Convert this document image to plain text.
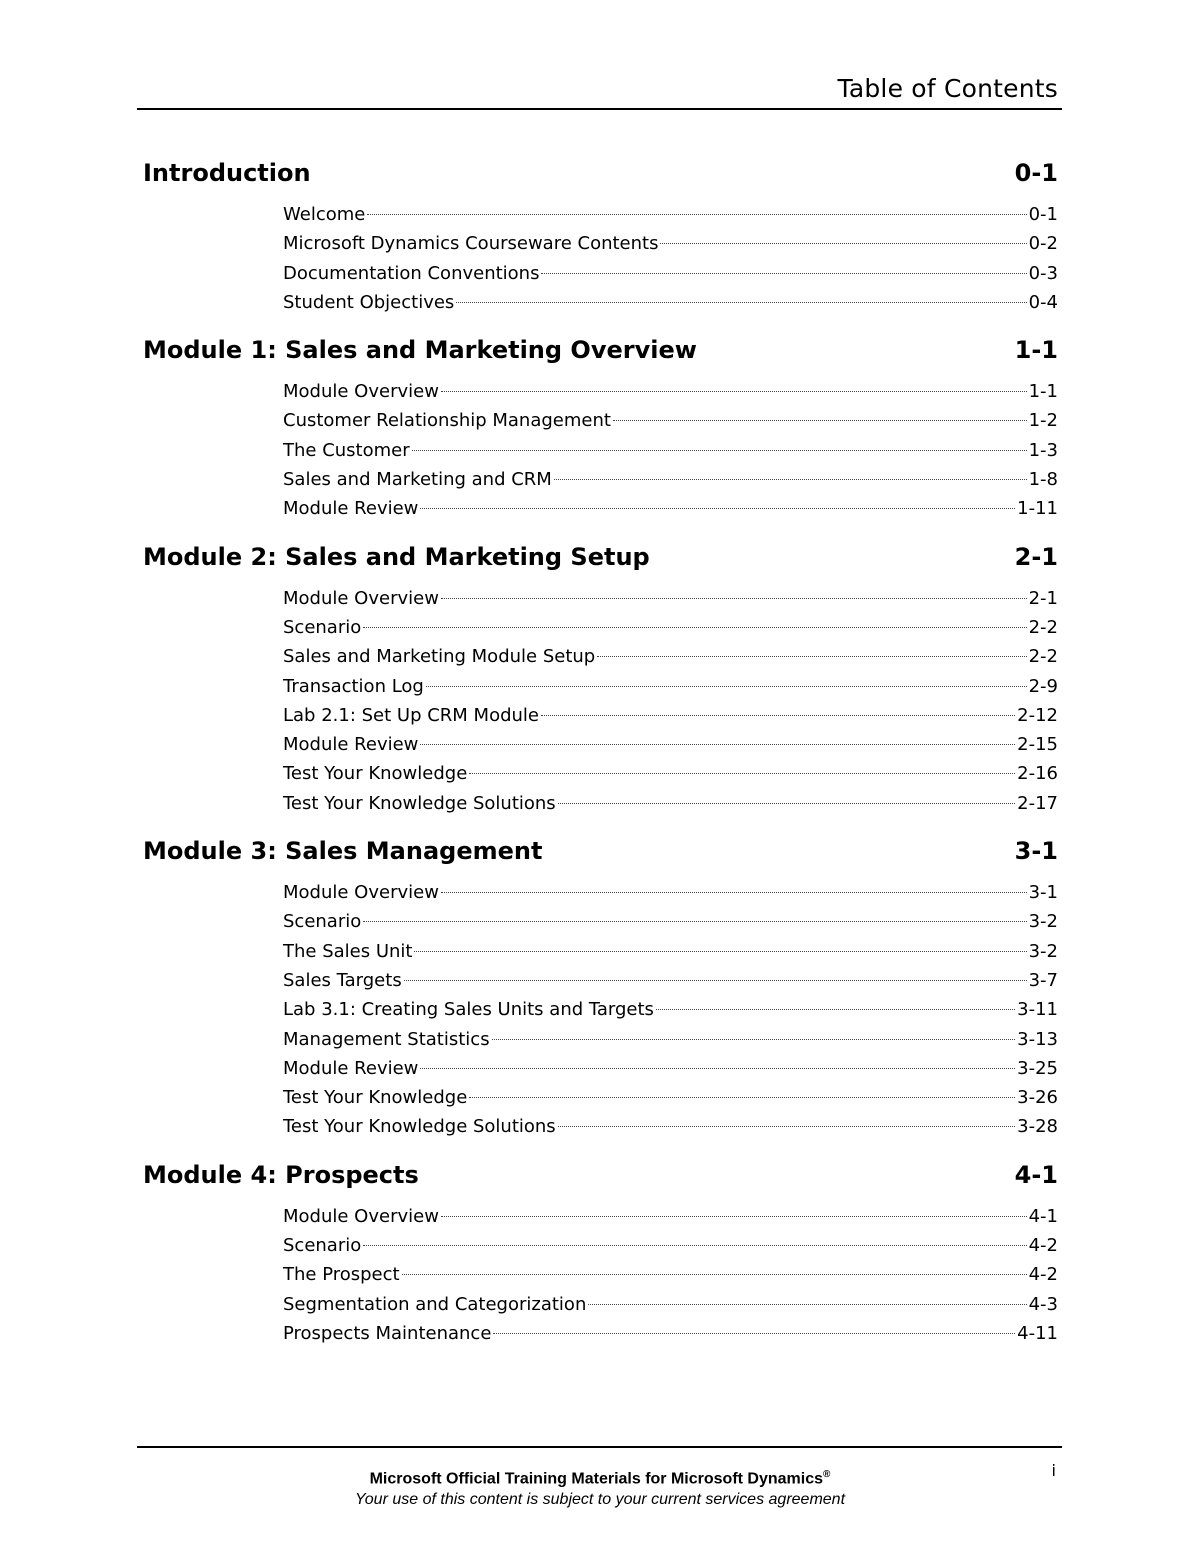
Table of Contents
Introduction	0-1
Welcome	0-1
Microsoft Dynamics Courseware Contents	0-2
Documentation Conventions	0-3
Student Objectives	0-4
Module 1: Sales and Marketing Overview	1-1
Module Overview	1-1
Customer Relationship Management	1-2
The Customer	1-3
Sales and Marketing and CRM	1-8
Module Review	1-11
Module 2: Sales and Marketing Setup	2-1
Module Overview	2-1
Scenario	2-2
Sales and Marketing Module Setup	2-2
Transaction Log	2-9
Lab 2.1: Set Up CRM Module	2-12
Module Review	2-15
Test Your Knowledge	2-16
Test Your Knowledge Solutions	2-17
Module 3: Sales Management	3-1
Module Overview	3-1
Scenario	3-2
The Sales Unit	3-2
Sales Targets	3-7
Lab 3.1: Creating Sales Units and Targets	3-11
Management Statistics	3-13
Module Review	3-25
Test Your Knowledge	3-26
Test Your Knowledge Solutions	3-28
Module 4: Prospects	4-1
Module Overview	4-1
Scenario	4-2
The Prospect	4-2
Segmentation and Categorization	4-3
Prospects Maintenance	4-11
Microsoft Official Training Materials for Microsoft Dynamics®
Your use of this content is subject to your current services agreement
i
